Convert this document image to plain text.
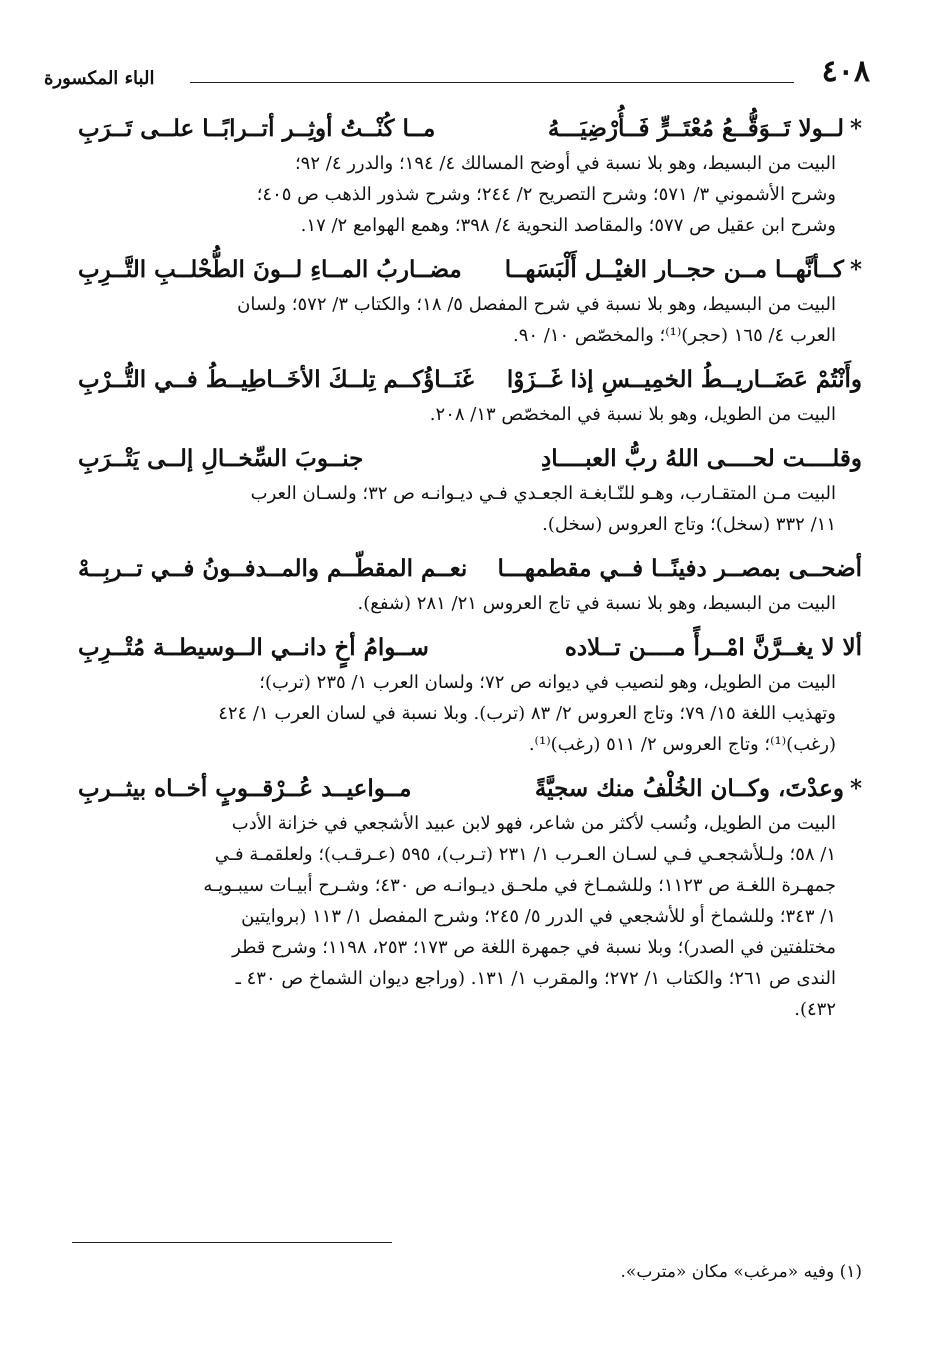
٤٠٨
الباء المكسورة
*لــولا تَــوَقُّــعُ مُعْتَــرٍّ فَــأُرْضِيَـــهُ
مــا كُنْــتُ أوثِــر أتــرابًــا علــى تَــرَبِ
البيت من البسيط، وهو بلا نسبة في أوضح المسالك ٤/ ١٩٤؛ والدرر ٤/ ٩٢؛
وشرح الأشموني ٣/ ٥٧١؛ وشرح التصريح ٢/ ٢٤٤؛ وشرح شذور الذهب ص ٤٠٥؛
وشرح ابن عقيل ص ٥٧٧؛ والمقاصد النحوية ٤/ ٣٩٨؛ وهمع الهوامع ٢/ ١٧.
*كــأنَّهــا مــن حجــار الغيْــل أَلْبَسَهــا
مضــاربُ المــاءِ لــونَ الطُّحْلــبِ التَّــرِبِ
البيت من البسيط، وهو بلا نسبة في شرح المفصل ٥/ ١٨؛ والكتاب ٣/ ٥٧٢؛ ولسان
العرب ٤/ ١٦٥ (حجر)⁽¹⁾؛ والمخصّص ١٠/ ٩٠.
وأَنْتُمْ عَضَــاريــطُ الخمِيــسِ إذا غَــزَوْا
غَنَــاؤُكــم تِلــكَ الأخَــاطِيــطُ فــي التُّــرْبِ
البيت من الطويل، وهو بلا نسبة في المخصّص ١٣/ ٢٠٨.
وقلــــت لحــــى اللهُ ربُّ العبــــادِ
جنــوبَ السِّخــالِ إلــى يَتْــرَبِ
البيت مـن المتقـارب، وهـو للنّـابغـة الجعـدي فـي ديـوانـه ص ٣٢؛ ولسـان العرب
١١/ ٣٣٢ (سخل)؛ وتاج العروس (سخل).
أضحــى بمصــر دفينًــا فــي مقطمهـــا
نعــم المقطّــم والمــدفــونُ فــي تــربِــهْ
البيت من البسيط، وهو بلا نسبة في تاج العروس ٢١/ ٢٨١ (شفع).
ألا لا يغــرَّنَّ امْــرأً مــــن تــلاده
ســوامُ أخٍ دانــي الــوسيطــة مُتْــرِبِ
البيت من الطويل، وهو لنصيب في ديوانه ص ٧٢؛ ولسان العرب ١/ ٢٣٥ (ترب)؛
وتهذيب اللغة ١٥/ ٧٩؛ وتاج العروس ٢/ ٨٣ (ترب). وبلا نسبة في لسان العرب ١/ ٤٢٤
(رغب)⁽¹⁾؛ وتاج العروس ٢/ ٥١١ (رغب)⁽¹⁾.
*وعدْتَ، وكــان الخُلْفُ منك سجيَّةً
مــواعيــد عُــرْقــوبٍ أخــاه بيثــربِ
البيت من الطويل، ونُسب لأكثر من شاعر، فهو لابن عبيد الأشجعي في خزانة الأدب
١/ ٥٨؛ ولـلأشجعـي فـي لسـان العـرب ١/ ٢٣١ (تـرب)، ٥٩٥ (عـرقـب)؛ ولعلقمـة فـي
جمهـرة اللغـة ص ١١٢٣؛ وللشمـاخ في ملحـق ديـوانـه ص ٤٣٠؛ وشـرح أبيـات سيبـويـه
١/ ٣٤٣؛ وللشماخ أو للأشجعي في الدرر ٥/ ٢٤٥؛ وشرح المفصل ١/ ١١٣ (بروايتين
مختلفتين في الصدر)؛ وبلا نسبة في جمهرة اللغة ص ١٧٣؛ ٢٥٣، ١١٩٨؛ وشرح قطر
الندى ص ٢٦١؛ والكتاب ١/ ٢٧٢؛ والمقرب ١/ ١٣١. (وراجع ديوان الشماخ ص ٤٣٠ ـ
٤٣٢).
(١) وفيه «مرغب» مكان «مترب».
